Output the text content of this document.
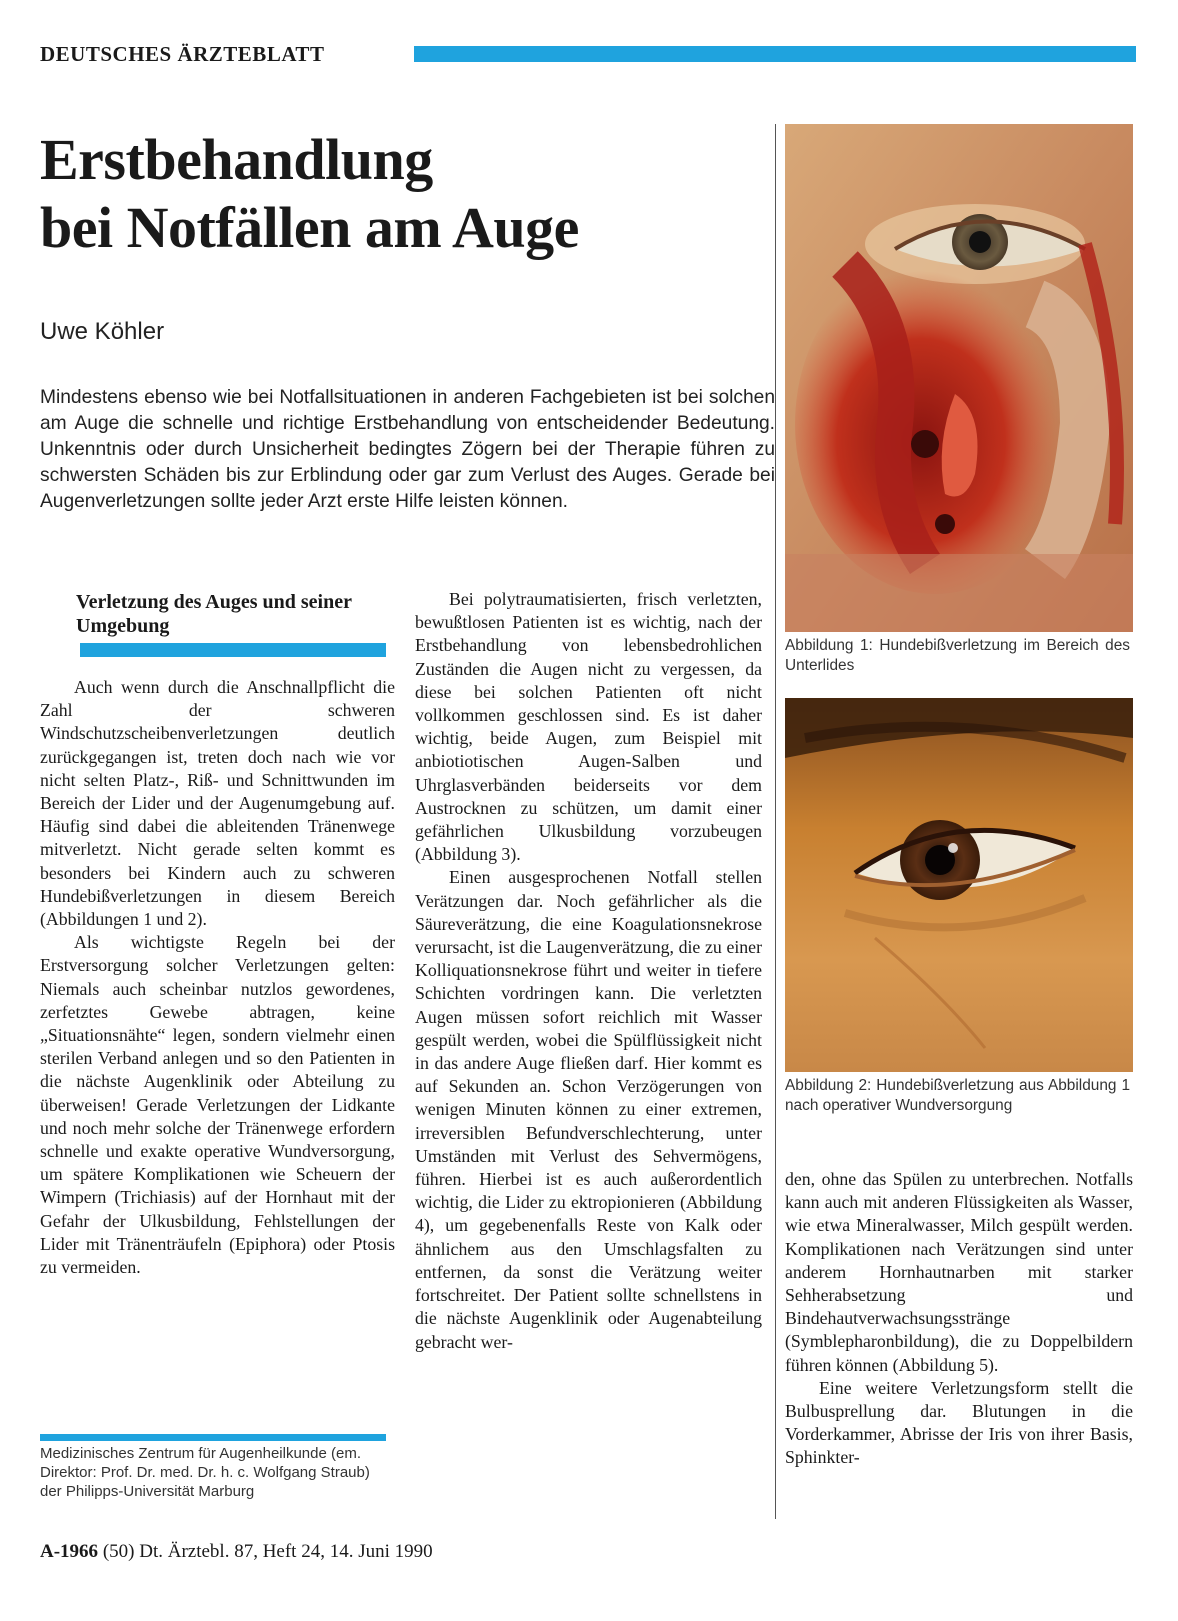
DEUTSCHES ÄRZTEBLATT
Erstbehandlung
bei Notfällen am Auge
Uwe Köhler
Mindestens ebenso wie bei Notfallsituationen in anderen Fachgebieten ist bei solchen am Auge die schnelle und richtige Erstbehandlung von entscheidender Bedeutung. Unkenntnis oder durch Unsicherheit bedingtes Zögern bei der Therapie führen zu schwersten Schäden bis zur Erblindung oder gar zum Verlust des Auges. Gerade bei Augenverletzungen sollte jeder Arzt erste Hilfe leisten können.
Verletzung des Auges und seiner Umgebung

Auch wenn durch die Anschnallpflicht die Zahl der schweren Windschutzscheibenverletzungen deutlich zurückgegangen ist, treten doch nach wie vor nicht selten Platz-, Riß- und Schnittwunden im Bereich der Lider und der Augenumgebung auf. Häufig sind dabei die ableitenden Tränenwege mitverletzt. Nicht gerade selten kommt es besonders bei Kindern auch zu schweren Hundebißverletzungen in diesem Bereich (Abbildungen 1 und 2).

Als wichtigste Regeln bei der Erstversorgung solcher Verletzungen gelten: Niemals auch scheinbar nutzlos gewordenes, zerfetztes Gewebe abtragen, keine „Situationsnähte“ legen, sondern vielmehr einen sterilen Verband anlegen und so den Patienten in die nächste Augenklinik oder Abteilung zu überweisen! Gerade Verletzungen der Lidkante und noch mehr solche der Tränenwege erfordern schnelle und exakte operative Wundversorgung, um spätere Komplikationen wie Scheuern der Wimpern (Trichiasis) auf der Hornhaut mit der Gefahr der Ulkusbildung, Fehlstellungen der Lider mit Tränenträufeln (Epiphora) oder Ptosis zu vermeiden.

Bei polytraumatisierten, frisch verletzten, bewußtlosen Patienten ist es wichtig, nach der Erstbehandlung von lebensbedrohlichen Zuständen die Augen nicht zu vergessen, da diese bei solchen Patienten oft nicht vollkommen geschlossen sind. Es ist daher wichtig, beide Augen, zum Beispiel mit anbiotiotischen Augen-Salben und Uhrglasverbänden beiderseits vor dem Austrocknen zu schützen, um damit einer gefährlichen Ulkusbildung vorzubeugen (Abbildung 3).

Einen ausgesprochenen Notfall stellen Verätzungen dar. Noch gefährlicher als die Säureverätzung, die eine Koagulationsnekrose verursacht, ist die Laugenverätzung, die zu einer Kolliquationsnekrose führt und weiter in tiefere Schichten vordringen kann. Die verletzten Augen müssen sofort reichlich mit Wasser gespült werden, wobei die Spülflüssigkeit nicht in das andere Auge fließen darf. Hier kommt es auf Sekunden an. Schon Verzögerungen von wenigen Minuten können zu einer extremen, irreversiblen Befundverschlechterung, unter Umständen mit Verlust des Sehvermögens, führen. Hierbei ist es auch außerordentlich wichtig, die Lider zu ektropionieren (Abbildung 4), um gegebenenfalls Reste von Kalk oder ähnlichem aus den Umschlagsfalten zu entfernen, da sonst die Verätzung weiter fortschreitet. Der Patient sollte schnellstens in die nächste Augenklinik oder Augenabteilung gebracht wer-

den, ohne das Spülen zu unterbrechen. Notfalls kann auch mit anderen Flüssigkeiten als Wasser, wie etwa Mineralwasser, Milch gespült werden. Komplikationen nach Verätzungen sind unter anderem Hornhautnarben mit starker Sehherabsetzung und Bindehautverwachsungsstränge (Symblepharonbildung), die zu Doppelbildern führen können (Abbildung 5).

Eine weitere Verletzungsform stellt die Bulbusprellung dar. Blutungen in die Vorderkammer, Abrisse der Iris von ihrer Basis, Sphinkter-

Medizinisches Zentrum für Augenheilkunde (em. Direktor: Prof. Dr. med. Dr. h. c. Wolfgang Straub) der Philipps-Universität Marburg
Abbildung 1: Hundebißverletzung im Bereich des Unterlides
Abbildung 2: Hundebißverletzung aus Abbildung 1 nach operativer Wundversorgung
A-1966 (50) Dt. Ärztebl. 87, Heft 24, 14. Juni 1990
